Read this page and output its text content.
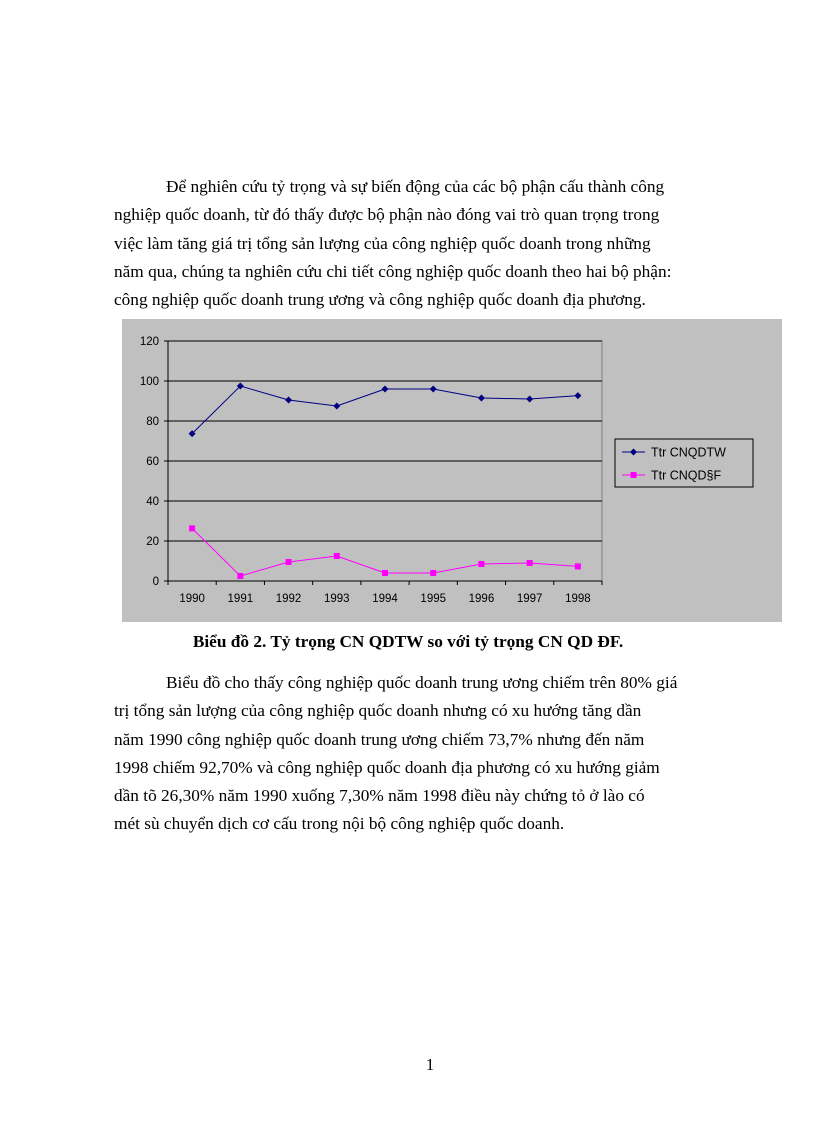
Để nghiên cứu tỷ trọng và sự biến động của các bộ phận cấu thành công
nghiệp quốc doanh, từ đó thấy được bộ phận nào đóng vai trò quan trọng trong
việc làm tăng giá trị tổng sản lượng của công nghiệp quốc doanh trong những
năm qua, chúng ta nghiên cứu chi tiết công nghiệp quốc doanh theo hai bộ phận:
công nghiệp quốc doanh trung ương và công nghiệp quốc doanh địa phương.
0
20
40
60
80
100
120
1990 1991 1992 1993 1994 1995 1996 1997 1998
Ttr CNQDTW
Ttr CNQD§F

Biểu đồ 2. Tỷ trọng CN QDTW so với tỷ trọng CN QD ĐF.

Biểu đồ cho thấy công nghiệp quốc doanh trung ương chiếm trên 80% giá
trị tổng sản lượng của công nghiệp quốc doanh nhưng có xu hướng tăng dần
năm 1990 công nghiệp quốc doanh trung ương chiếm 73,7% nhưng đến năm
1998 chiếm 92,70% và công nghiệp quốc doanh địa phương có xu hướng giảm
dần tõ 26,30% năm 1990 xuống 7,30% năm 1998 điều này chứng tỏ ở lào có
mét sù chuyển dịch cơ cấu trong nội bộ công nghiệp quốc doanh.
1
